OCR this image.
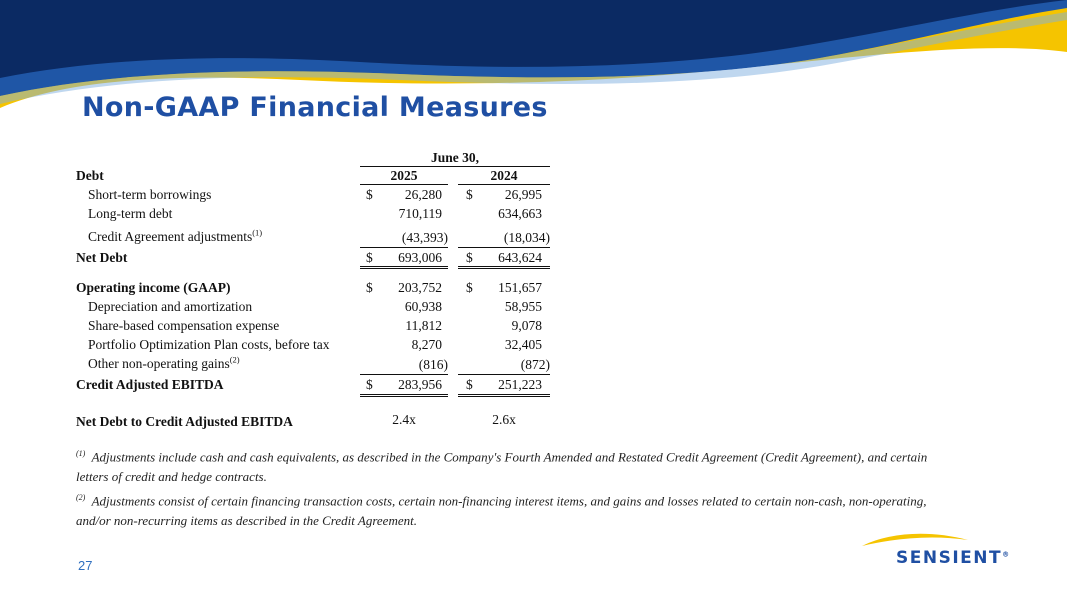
Non-GAAP Financial Measures
June 30,
Debt	2025	2024
Short-term borrowings	$	26,280 $	26,995
Long-term debt	710,119	634,663
Credit Agreement adjustments$^{(1)}$	(43,393)	(18,034)
Net Debt	$	693,006 $	643,624
Operating income (GAAP)	$	203,752 $	151,657
Depreciation and amortization	60,938	58,955
Share-based compensation expense	11,812	9,078
Portfolio Optimization Plan costs, before tax	8,270	32,405
Other non-operating gains$^{(2)}$	(816)	(872)
Credit Adjusted EBITDA	$	283,956 $	251,223
Net Debt to Credit Adjusted EBITDA	2.4x	2.6x
$^{(1)}$ Adjustments include cash and cash equivalents, as described in the Company's Fourth Amended and Restated Credit Agreement (Credit Agreement), and certain letters of credit and hedge contracts.
$^{(2)}$ Adjustments consist of certain financing transaction costs, certain non-financing interest items, and gains and losses related to certain non-cash, non-operating, and/or non-recurring items as described in the Credit Agreement.
27	SENSIENT®
